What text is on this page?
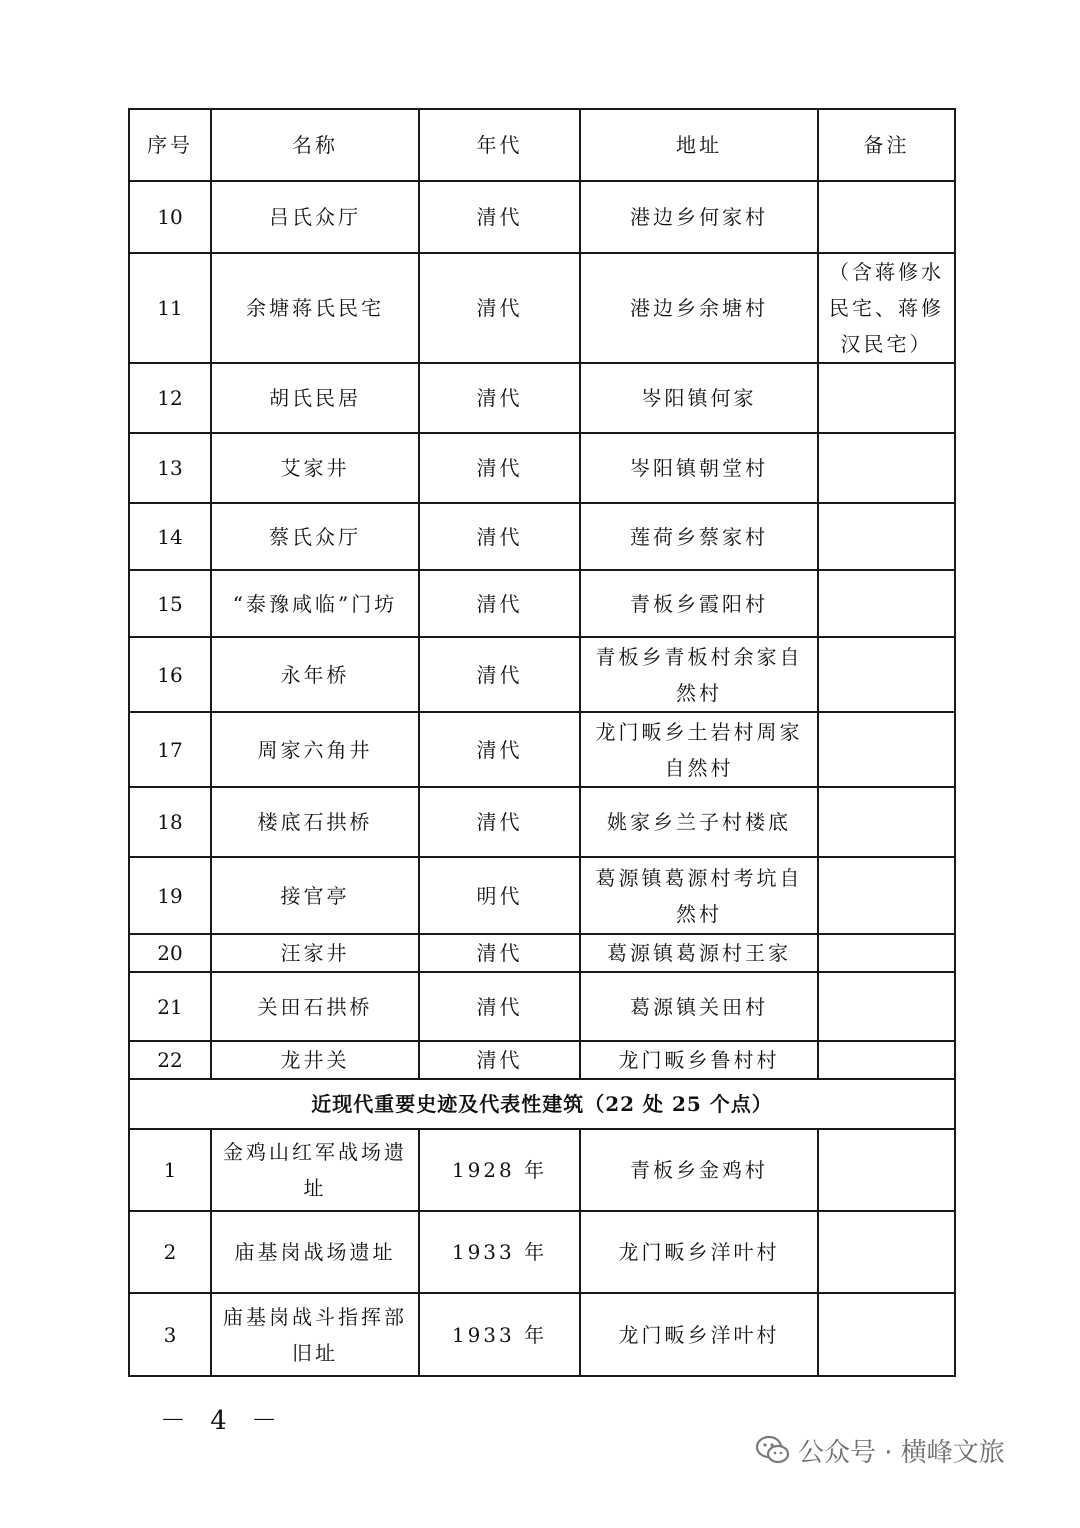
序号	名称	年代	地址	备注
10	吕氏众厅	清代	港边乡何家村	
11	余塘蒋氏民宅	清代	港边乡余塘村	（含蒋修水民宅、蒋修汉民宅）
12	胡氏民居	清代	岑阳镇何家	
13	艾家井	清代	岑阳镇朝堂村	
14	蔡氏众厅	清代	莲荷乡蔡家村	
15	“泰豫咸临”门坊	清代	青板乡霞阳村	
16	永年桥	清代	青板乡青板村余家自然村	
17	周家六角井	清代	龙门畈乡土岩村周家自然村	
18	楼底石拱桥	清代	姚家乡兰子村楼底	
19	接官亭	明代	葛源镇葛源村考坑自然村	
20	汪家井	清代	葛源镇葛源村王家	
21	关田石拱桥	清代	葛源镇关田村	
22	龙井关	清代	龙门畈乡鲁村村	
近现代重要史迹及代表性建筑（22 处 25 个点）				
1	金鸡山红军战场遗址	1928 年	青板乡金鸡村	
2	庙基岗战场遗址	1933 年	龙门畈乡洋叶村	
3	庙基岗战斗指挥部旧址	1933 年	龙门畈乡洋叶村	
－ 4 －
公众号 · 横峰文旅
